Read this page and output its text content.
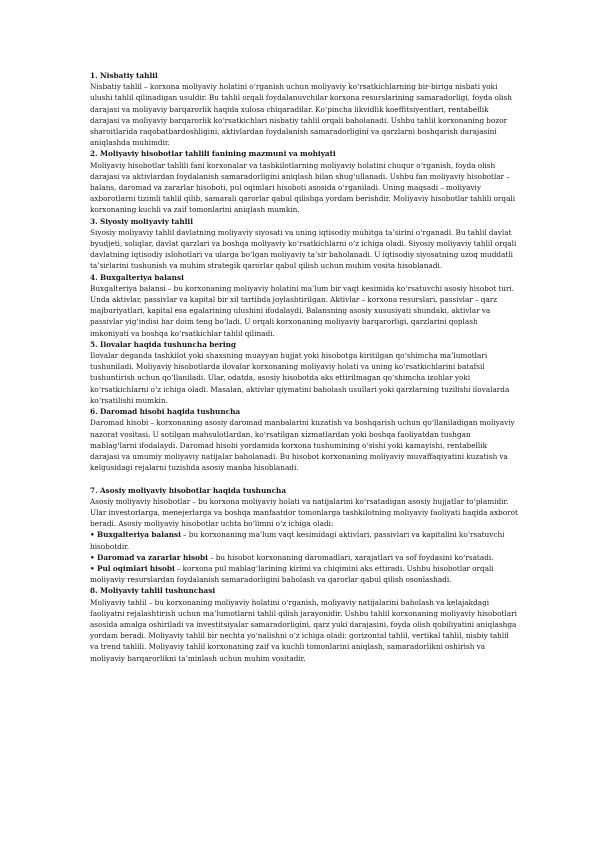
1. Nisbatiy tahlil

Nisbatiy tahlil – korxona moliyaviy holatini o‘rganish uchun moliyaviy ko‘rsatkichlarning bir-biriga nisbati yoki ulushi tahlil qilinadigan usuldir. Bu tahlil orqali foydalanuvchilar korxona resurslarining samaradorligi, foyda olish darajasi va moliyaviy barqarorlik haqida xulosa chiqaradilar. Ko‘pincha likvidlik koeffitsiyentlari, rentabellik darajasi va moliyaviy barqarorlik ko‘rsatkichlari nisbatiy tahlil orqali baholanadi. Ushbu tahlil korxonaning bozor sharoitlarida raqobatbardoshligini, aktivlardan foydalanish samaradorligini va qarzlarni boshqarish darajasini aniqlashda muhimdir.

2. Moliyaviy hisobotlar tahlili fanining mazmuni va mohiyati

Moliyaviy hisobotlar tahlili fani korxonalar va tashkilotlarning moliyaviy holatini chuqur o‘rganish, foyda olish darajasi va aktivlardan foydalanish samaradorligini aniqlash bilan shug‘ullanadi. Ushbu fan moliyaviy hisobotlar – balans, daromad va zararlar hisoboti, pul oqimlari hisoboti asosida o‘rganiladi. Uning maqsadi – moliyaviy axborotlarni tizimli tahlil qilib, samarali qarorlar qabul qilishga yordam berishdir. Moliyaviy hisobotlar tahlili orqali korxonaning kuchli va zaif tomonlarini aniqlash mumkin.

3. Siyosiy moliyaviy tahlil

Siyosiy moliyaviy tahlil davlatning moliyaviy siyosati va uning iqtisodiy muhitga ta’sirini o‘rganadi. Bu tahlil davlat byudjeti, soliqlar, davlat qarzlari va boshqa moliyaviy ko‘rsatkichlarni o‘z ichiga oladi. Siyosiy moliyaviy tahlil orqali davlatning iqtisodiy islohotlari va ularga bo‘lgan moliyaviy ta’sir baholanadi. U iqtisodiy siyosatning uzoq muddatli ta’sirlarini tushunish va muhim strategik qarorlar qabul qilish uchun muhim vosita hisoblanadi.

4. Buxgalteriya balansi

Buxgalteriya balansi – bu korxonaning moliyaviy holatini ma’lum bir vaqt kesimida ko‘rsatuvchi asosiy hisobot turi. Unda aktivlar, passivlar va kapital bir xil tartibda joylashtirilgan. Aktivlar – korxona resurslari, passivlar – qarz majburiyatlari, kapital esa egalarining ulushini ifodalaydi. Balansning asosiy xususiyati shundaki, aktivlar va passivlar yig‘indisi har doim teng bo‘ladi. U orqali korxonaning moliyaviy barqarorligi, qarzlarini qoplash imkoniyati va boshqa ko‘rsatkichlar tahlil qilinadi.

5. Ilovalar haqida tushuncha bering

Ilovalar deganda tashkilot yoki shaxsning muayyan hujjat yoki hisobotga kiritilgan qo‘shimcha ma’lumotlari tushuniladi. Moliyaviy hisobotlarda ilovalar korxonaning moliyaviy holati va uning ko‘rsatkichlarini batafsil tushuntirish uchun qo‘llaniladi. Ular, odatda, asosiy hisobotda aks ettirilmagan qo‘shimcha izohlar yoki ko‘rsatkichlarni o‘z ichiga oladi. Masalan, aktivlar qiymatini baholash usullari yoki qarzlarning tuzilishi ilovalarda ko‘rsatilishi mumkin.

6. Daromad hisobi haqida tushuncha

Daromad hisobi – korxonaning asosiy daromad manbalarini kuzatish va boshqarish uchun qo‘llaniladigan moliyaviy nazorat vositasi. U sotilgan mahsulotlardan, ko‘rsatilgan xizmatlardan yoki boshqa faoliyatdan tushgan mablag‘larni ifodalaydi. Daromad hisobi yordamida korxona tushumining o‘sishi yoki kamayishi, rentabellik darajasi va umumiy moliyaviy natijalar baholanadi. Bu hisobot korxonaning moliyaviy muvaffaqiyatini kuzatish va kelgusidagi rejalarni tuzishda asosiy manba hisoblanadi.

7. Asosiy moliyaviy hisobotlar haqida tushuncha

Asosiy moliyaviy hisobotlar – bu korxona moliyaviy holati va natijalarini ko‘rsatadigan asosiy hujjatlar to‘plamidir. Ular investorlarga, menejerlarga va boshqa manfaatdor tomonlarga tashkilotning moliyaviy faoliyati haqida axborot beradi. Asosiy moliyaviy hisobotlar uchta bo‘limni o‘z ichiga oladi:

• Buxgalteriya balansi – bu korxonaning ma’lum vaqt kesimidagi aktivlari, passivlari va kapitalini ko‘rsatuvchi hisobotdir.

• Daromad va zararlar hisobi – bu hisobot korxonaning daromadlari, xarajatlari va sof foydasini ko‘rsatadi.

• Pul oqimlari hisobi – korxona pul mablag‘larining kirimi va chiqimini aks ettiradi. Ushbu hisobotlar orqali moliyaviy resurslardan foydalanish samaradorligini baholash va qarorlar qabul qilish osonlashadi.

8. Moliyaviy tahlil tushunchasi

Moliyaviy tahlil – bu korxonaning moliyaviy holatini o‘rganish, moliyaviy natijalarini baholash va kelajakdagi faoliyatni rejalashtirish uchun ma’lumotlarni tahlil qilish jarayonidir. Ushbu tahlil korxonaning moliyaviy hisobotlari asosida amalga oshiriladi va investitsiyalar samaradorligini, qarz yuki darajasini, foyda olish qobiliyatini aniqlashga yordam beradi. Moliyaviy tahlil bir nechta yo‘nalishni o‘z ichiga oladi: gorizontal tahlil, vertikal tahlil, nisbiy tahlil va trend tahlili. Moliyaviy tahlil korxonaning zaif va kuchli tomonlarini aniqlash, samaradorlikni oshirish va moliyaviy barqarorlikni ta’minlash uchun muhim vositadir.
